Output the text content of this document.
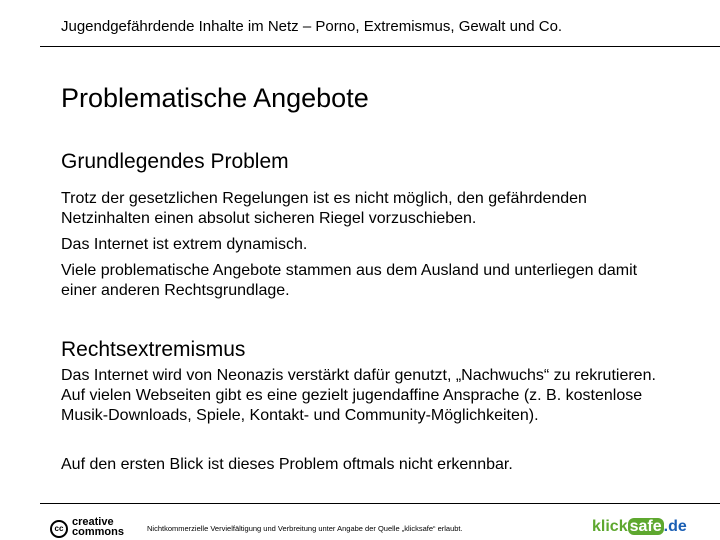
Jugendgefährdende Inhalte im Netz – Porno, Extremismus, Gewalt und Co.
Problematische Angebote
Grundlegendes Problem

Trotz der gesetzlichen Regelungen ist es nicht möglich, den gefährdenden Netzinhalten einen absolut sicheren Riegel vorzuschieben.

Das Internet ist extrem dynamisch.

Viele problematische Angebote stammen aus dem Ausland und unterliegen damit einer anderen Rechtsgrundlage.

Rechtsextremismus

Das Internet wird von Neonazis verstärkt dafür genutzt, „Nachwuchs“ zu rekrutieren. Auf vielen Webseiten gibt es eine gezielt jugendaffine Ansprache (z. B. kostenlose Musik-Downloads, Spiele, Kontakt- und Community-Möglichkeiten).

Auf den ersten Blick ist dieses Problem oftmals nicht erkennbar.

cc
creative
commons	Nichtkommerzielle Vervielfältigung und Verbreitung unter Angabe der Quelle „klicksafe“ erlaubt.	klick safe .de
